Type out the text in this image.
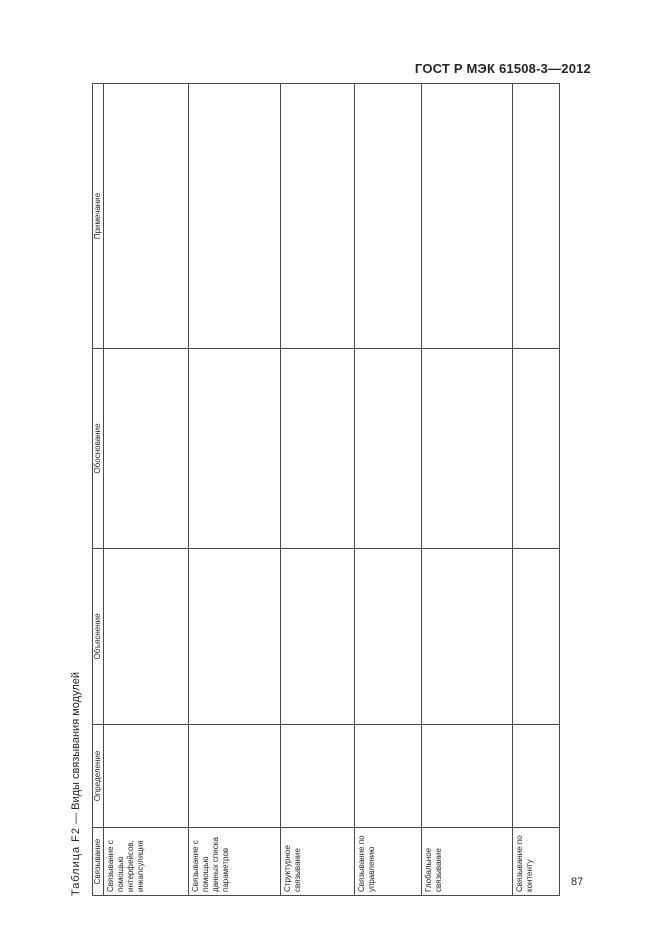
ГОСТ Р МЭК 61508-3—2012
Таблица F2 — Виды связывания модулей
Связывание	Определение	Объяснение	Обоснование	Примечание
Связывание с помощью интерфейсов, инкапсуляция				
Связывание с помощью данных списка параметров				
Структурное связывание				
Связывание по управлению				
Глобальное связывание				
Связывание по контенту					87
